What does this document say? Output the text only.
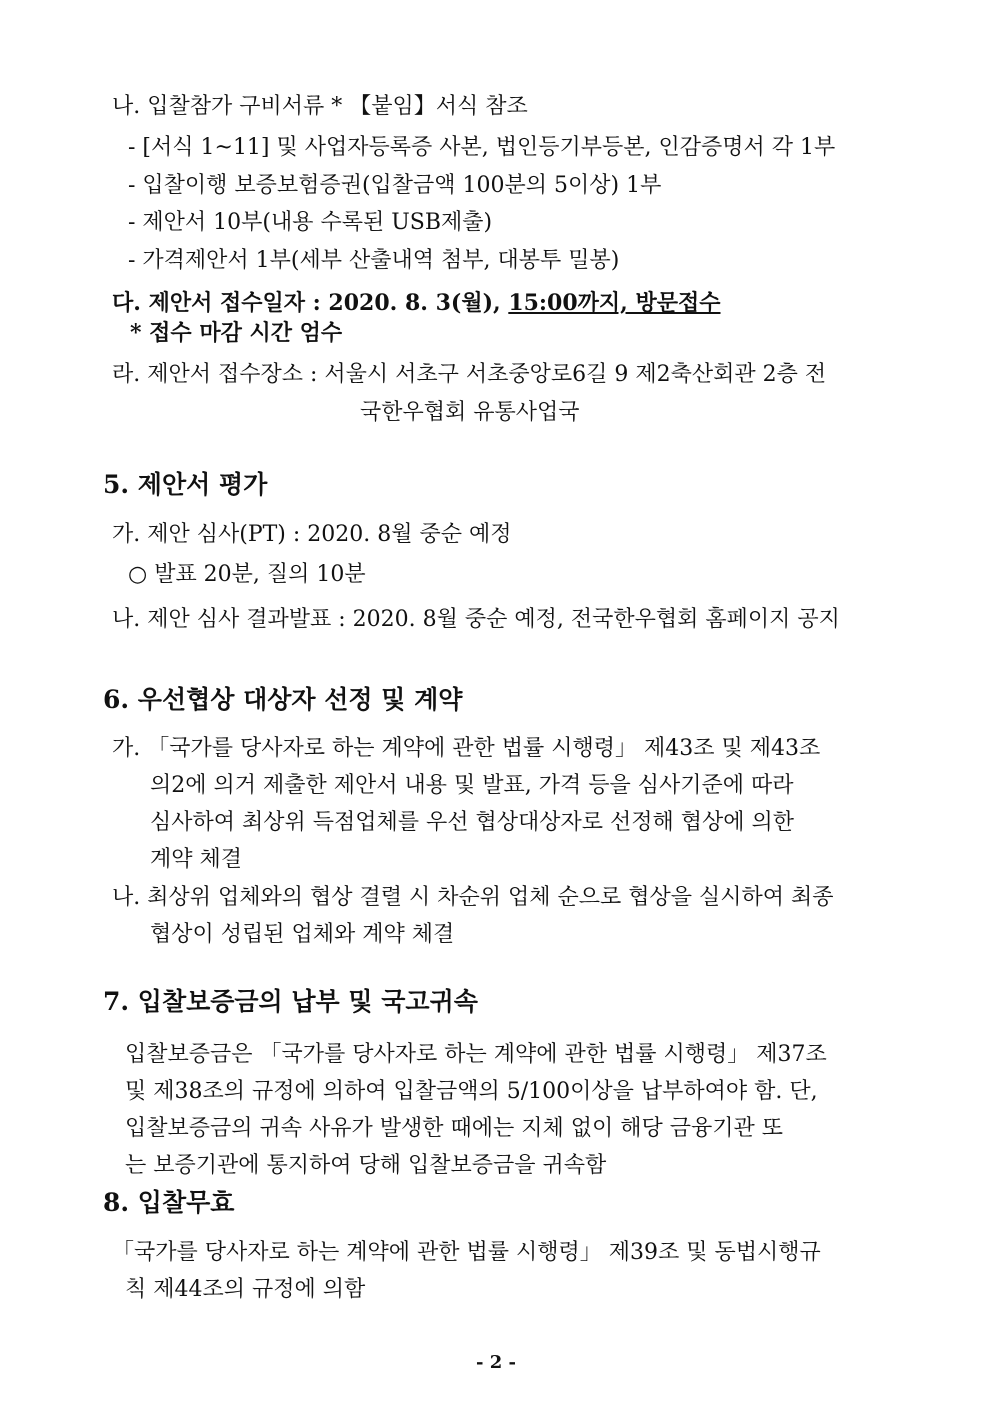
나. 입찰참가 구비서류 * 【붙임】서식 참조
- [서식 1~11] 및 사업자등록증 사본, 법인등기부등본, 인감증명서 각 1부
- 입찰이행 보증보험증권(입찰금액 100분의 5이상) 1부
- 제안서 10부(내용 수록된 USB제출)
- 가격제안서 1부(세부 산출내역 첨부, 대봉투 밀봉)
다. 제안서 접수일자 : 2020. 8. 3(월), 15:00까지, 방문접수
* 접수 마감 시간 엄수
라. 제안서 접수장소 : 서울시 서초구 서초중앙로6길 9 제2축산회관 2층 전
국한우협회 유통사업국
5. 제안서 평가
가. 제안 심사(PT) : 2020. 8월 중순 예정
○ 발표 20분, 질의 10분
나. 제안 심사 결과발표 : 2020. 8월 중순 예정, 전국한우협회 홈페이지 공지
6. 우선협상 대상자 선정 및 계약
가. 「국가를 당사자로 하는 계약에 관한 법률 시행령」 제43조 및 제43조
의2에 의거 제출한 제안서 내용 및 발표, 가격 등을 심사기준에 따라
심사하여 최상위 득점업체를 우선 협상대상자로 선정해 협상에 의한
계약 체결
나. 최상위 업체와의 협상 결렬 시 차순위 업체 순으로 협상을 실시하여 최종
협상이 성립된 업체와 계약 체결
7. 입찰보증금의 납부 및 국고귀속
입찰보증금은 「국가를 당사자로 하는 계약에 관한 법률 시행령」 제37조
및 제38조의 규정에 의하여 입찰금액의 5/100이상을 납부하여야 함. 단,
입찰보증금의 귀속 사유가 발생한 때에는 지체 없이 해당 금융기관 또
는 보증기관에 통지하여 당해 입찰보증금을 귀속함
8. 입찰무효
「국가를 당사자로 하는 계약에 관한 법률 시행령」 제39조 및 동법시행규
칙 제44조의 규정에 의함
- 2 -
